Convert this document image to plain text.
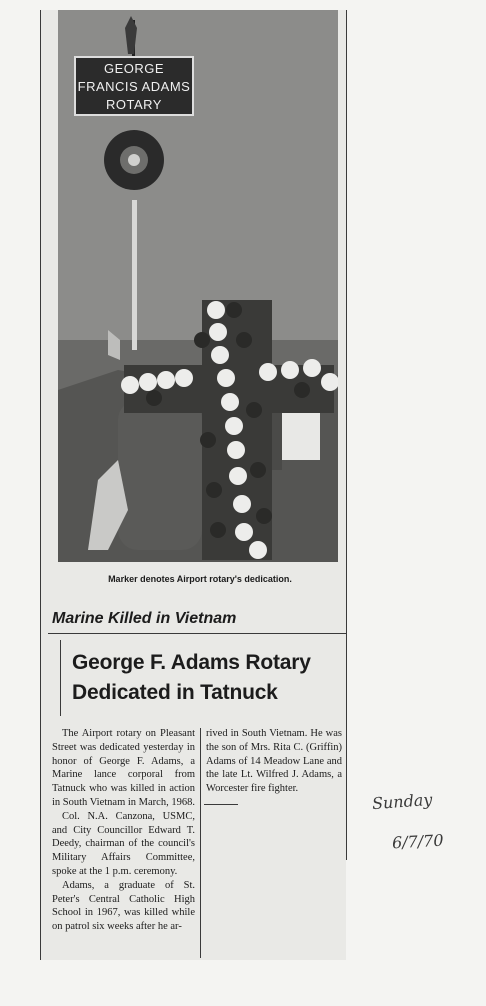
GEORGE
FRANCIS ADAMS
ROTARY
Marker denotes Airport rotary's dedication.
Marine Killed in Vietnam
George F. Adams Rotary
Dedicated in Tatnuck

The Airport rotary on Pleasant Street was dedicated yesterday in honor of George F. Adams, a Marine lance corporal from Tatnuck who was killed in action in South Vietnam in March, 1968.

Col. N.A. Canzona, USMC, and City Councillor Edward T. Deedy, chairman of the council's Military Affairs Committee, spoke at the 1 p.m. ceremony.

Adams, a graduate of St. Peter's Central Catholic High School in 1967, was killed while on patrol six weeks after he ar-

rived in South Vietnam. He was the son of Mrs. Rita C. (Griffin) Adams of 14 Meadow Lane and the late Lt. Wilfred J. Adams, a Worcester fire fighter.

Sunday
6/7/70
